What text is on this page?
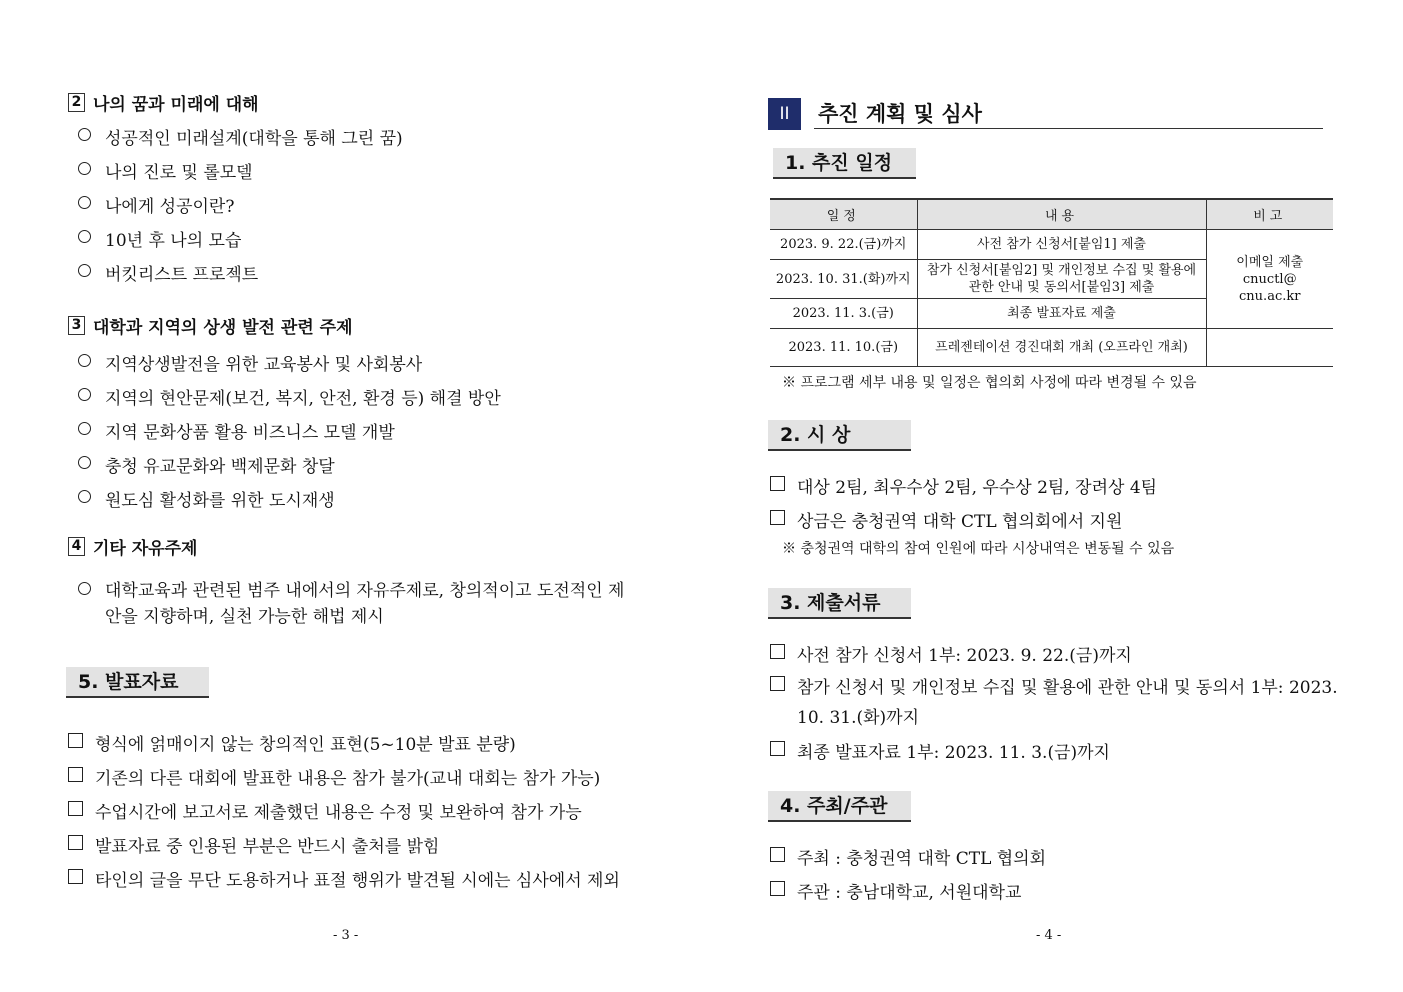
2 나의 꿈과 미래에 대해
성공적인 미래설계(대학을 통해 그린 꿈)
나의 진로 및 롤모델
나에게 성공이란?
10년 후 나의 모습
버킷리스트 프로젝트
3 대학과 지역의 상생 발전 관련 주제
지역상생발전을 위한 교육봉사 및 사회봉사
지역의 현안문제(보건, 복지, 안전, 환경 등) 해결 방안
지역 문화상품 활용 비즈니스 모델 개발
충청 유교문화와 백제문화 창달
원도심 활성화를 위한 도시재생
4 기타 자유주제
대학교육과 관련된 범주 내에서의 자유주제로, 창의적이고 도전적인 제안을 지향하며, 실천 가능한 해법 제시
5. 발표자료
형식에 얽매이지 않는 창의적인 표현(5~10분 발표 분량)
기존의 다른 대회에 발표한 내용은 참가 불가(교내 대회는 참가 가능)
수업시간에 보고서로 제출했던 내용은 수정 및 보완하여 참가 가능
발표자료 중 인용된 부분은 반드시 출처를 밝힘
타인의 글을 무단 도용하거나 표절 행위가 발견될 시에는 심사에서 제외
- 3 -
II	추진 계획 및 심사
1. 추진 일정
일정	내용	비고
2023. 9. 22.(금)까지	사전 참가 신청서[붙임1] 제출	이메일 제출 cnuctl@ cnu.ac.kr
2023. 10. 31.(화)까지	참가 신청서[붙임2] 및 개인정보 수집 및 활용에 관한 안내 및 동의서[붙임3] 제출	
2023. 11. 3.(금)	최종 발표자료 제출	
2023. 11. 10.(금)	프레젠테이션 경진대회 개최 (오프라인 개최)	
※ 프로그램 세부 내용 및 일정은 협의회 사정에 따라 변경될 수 있음
2. 시 상
대상 2팀, 최우수상 2팀, 우수상 2팀, 장려상 4팀
상금은 충청권역 대학 CTL 협의회에서 지원
※ 충청권역 대학의 참여 인원에 따라 시상내역은 변동될 수 있음
3. 제출서류
사전 참가 신청서 1부: 2023. 9. 22.(금)까지
참가 신청서 및 개인정보 수집 및 활용에 관한 안내 및 동의서 1부: 2023. 10. 31.(화)까지
최종 발표자료 1부: 2023. 11. 3.(금)까지
4. 주최/주관
주최 : 충청권역 대학 CTL 협의회
주관 : 충남대학교, 서원대학교
- 4 -
